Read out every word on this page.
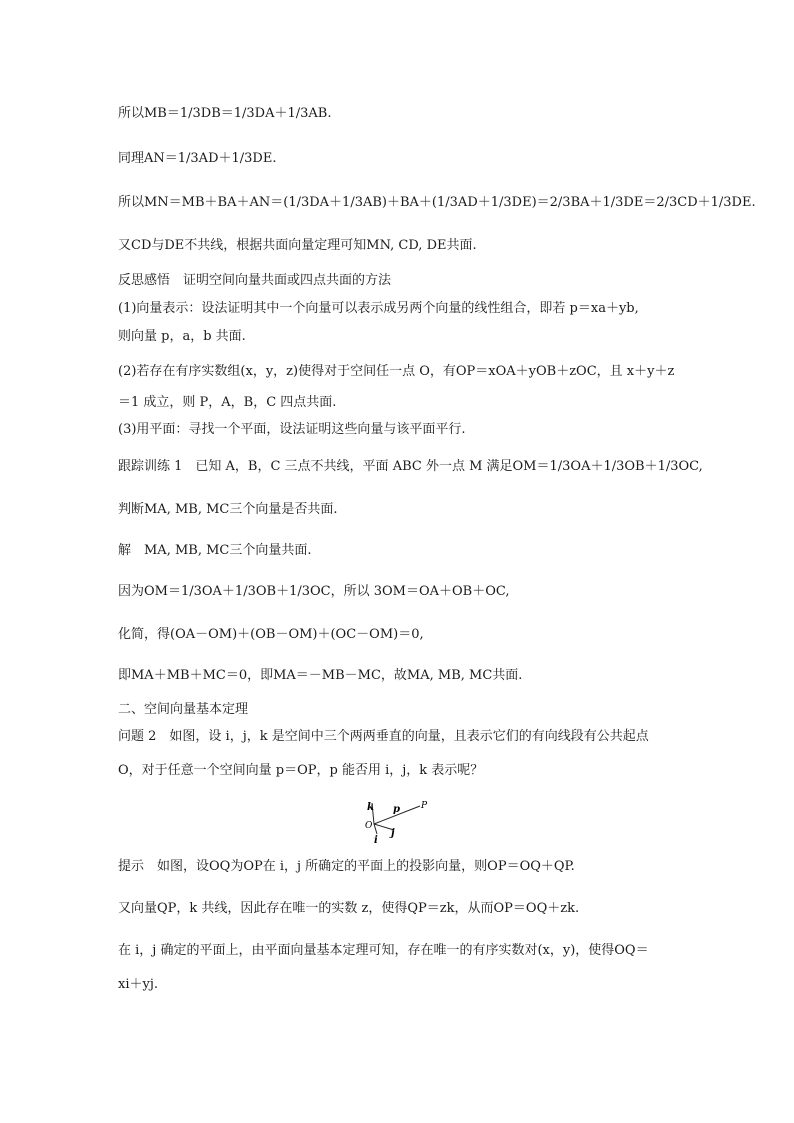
所以MB＝1/3DB＝1/3DA＋1/3AB.
同理AN＝1/3AD＋1/3DE.
所以MN＝MB＋BA＋AN＝(1/3DA＋1/3AB)＋BA＋(1/3AD＋1/3DE)＝2/3BA＋1/3DE＝2/3CD＋1/3DE.
又CD与DE不共线，根据共面向量定理可知MN, CD, DE共面.
反思感悟　证明空间向量共面或四点共面的方法
(1)向量表示：设法证明其中一个向量可以表示成另两个向量的线性组合，即若 p＝xa＋yb,
则向量 p，a，b 共面.
(2)若存在有序实数组(x，y，z)使得对于空间任一点 O，有OP＝xOA＋yOB＋zOC，且 x＋y＋z
＝1 成立，则 P，A，B，C 四点共面.
(3)用平面：寻找一个平面，设法证明这些向量与该平面平行.
跟踪训练 1　已知 A，B，C 三点不共线，平面 ABC 外一点 M 满足OM＝1/3OA＋1/3OB＋1/3OC,
判断MA, MB, MC三个向量是否共面.
解　MA, MB, MC三个向量共面.
因为OM＝1/3OA＋1/3OB＋1/3OC，所以 3OM＝OA＋OB＋OC,
化简，得(OA－OM)＋(OB－OM)＋(OC－OM)＝0,
即MA＋MB＋MC＝0，即MA＝－MB－MC，故MA, MB, MC共面.
二、空间向量基本定理
问题 2　如图，设 i，j，k 是空间中三个两两垂直的向量，且表示它们的有向线段有公共起点
O，对于任意一个空间向量 p＝OP，p 能否用 i，j，k 表示呢？
k p P
O
j
i
提示　如图，设OQ为OP在 i，j 所确定的平面上的投影向量，则OP＝OQ＋QP.
又向量QP，k 共线，因此存在唯一的实数 z，使得QP＝zk，从而OP＝OQ＋zk.
在 i，j 确定的平面上，由平面向量基本定理可知，存在唯一的有序实数对(x，y)，使得OQ＝
xi＋yj.
